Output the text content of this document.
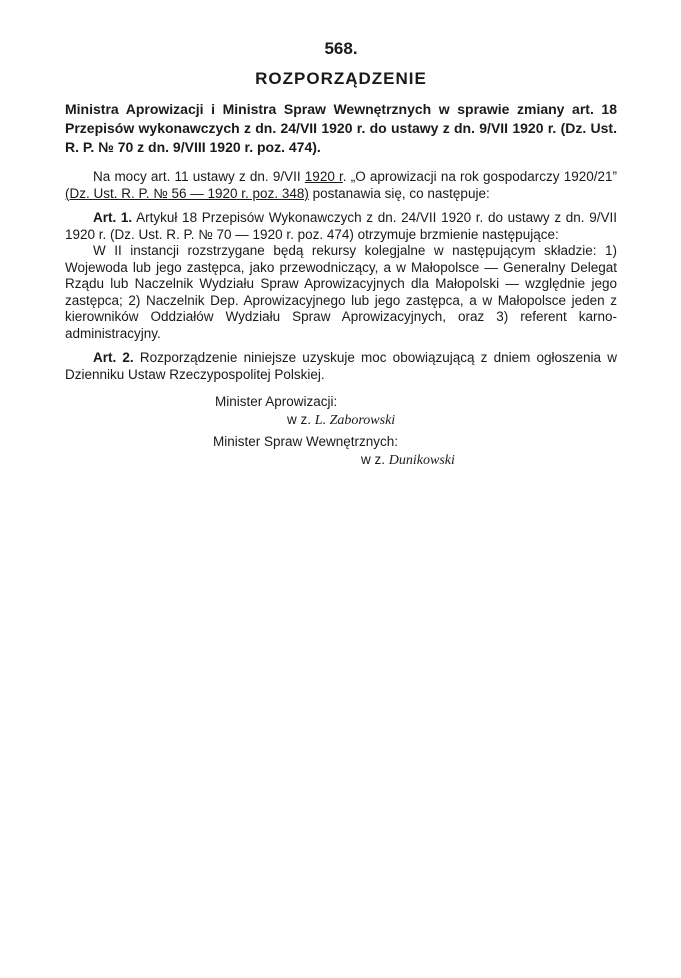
568.

ROZPORZĄDZENIE

Ministra Aprowizacji i Ministra Spraw Wewnętrznych w sprawie zmiany art. 18 Przepisów wykonawczych z dn. 24/VII 1920 r. do ustawy z dn. 9/VII 1920 r. (Dz. Ust. R. P. № 70 z dn. 9/VIII 1920 r. poz. 474).

Na mocy art. 11 ustawy z dn. 9/VII 1920 r. „O aprowizacji na rok gospodarczy 1920/21” (Dz. Ust. R. P. № 56 — 1920 r. poz. 348) postanawia się, co następuje:

Art. 1. Artykuł 18 Przepisów Wykonawczych z dn. 24/VII 1920 r. do ustawy z dn. 9/VII 1920 r. (Dz. Ust. R. P. № 70 — 1920 r. poz. 474) otrzymuje brzmienie następujące:

W II instancji rozstrzygane będą rekursy kolegjalne w następującym składzie: 1) Wojewoda lub jego zastępca, jako przewodniczący, a w Małopolsce — Generalny Delegat Rządu lub Naczelnik Wydziału Spraw Aprowizacyjnych dla Małopolski — względnie jego zastępca; 2) Naczelnik Dep. Aprowizacyjnego lub jego zastępca, a w Małopolsce jeden z kierowników Oddziałów Wydziału Spraw Aprowizacyjnych, oraz 3) referent karno-administracyjny.

Art. 2. Rozporządzenie niniejsze uzyskuje moc obowiązującą z dniem ogłoszenia w Dzienniku Ustaw Rzeczypospolitej Polskiej.

Minister Aprowizacji:
w z. L. Zaborowski
Minister Spraw Wewnętrznych:
w z. Dunikowski
